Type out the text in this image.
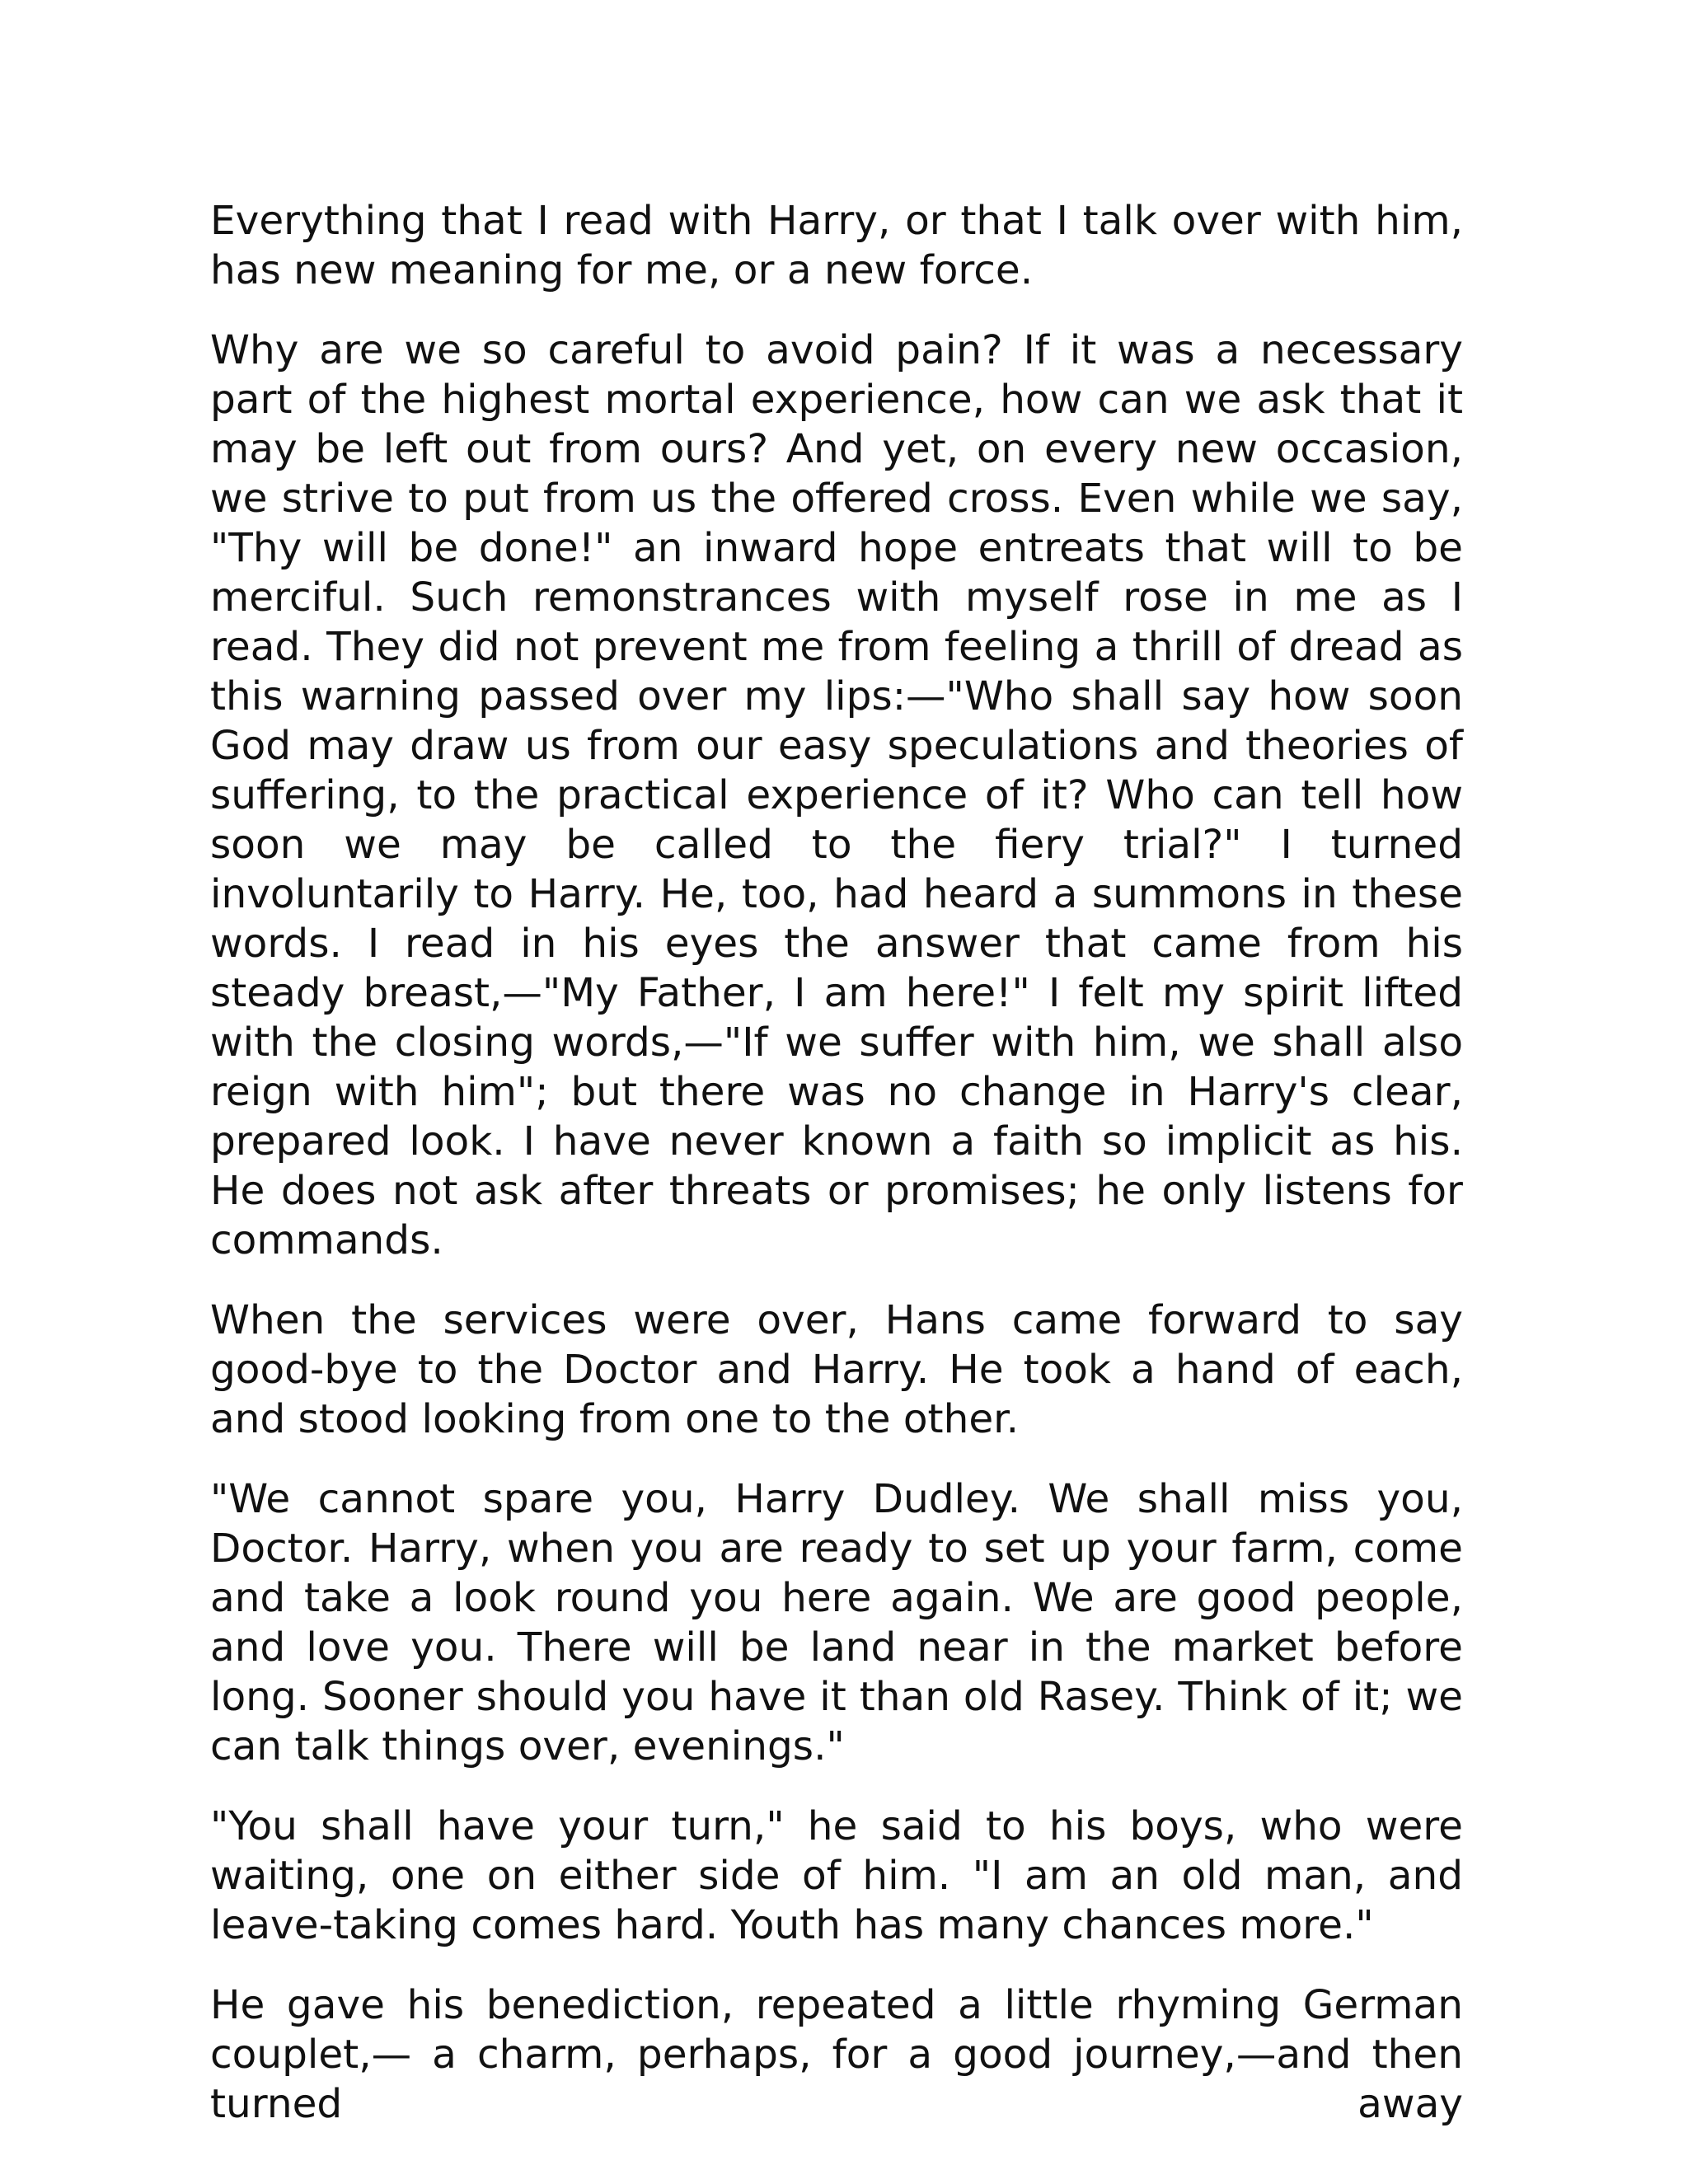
Everything that I read with Harry, or that I talk over with him, has new meaning for me, or a new force.

Why are we so careful to avoid pain? If it was a necessary part of the highest mortal experience, how can we ask that it may be left out from ours? And yet, on every new occasion, we strive to put from us the offered cross. Even while we say, "Thy will be done!" an inward hope entreats that will to be merciful. Such remonstrances with myself rose in me as I read. They did not prevent me from feeling a thrill of dread as this warning passed over my lips:—"Who shall say how soon God may draw us from our easy speculations and theories of suffering, to the practical experience of it? Who can tell how soon we may be called to the fiery trial?" I turned involuntarily to Harry. He, too, had heard a summons in these words. I read in his eyes the answer that came from his steady breast,—"My Father, I am here!" I felt my spirit lifted with the closing words,—"If we suffer with him, we shall also reign with him"; but there was no change in Harry's clear, prepared look. I have never known a faith so implicit as his. He does not ask after threats or promises; he only listens for commands.

When the services were over, Hans came forward to say good-bye to the Doctor and Harry. He took a hand of each, and stood looking from one to the other.

"We cannot spare you, Harry Dudley. We shall miss you, Doctor. Harry, when you are ready to set up your farm, come and take a look round you here again. We are good people, and love you. There will be land near in the market before long. Sooner should you have it than old Rasey. Think of it; we can talk things over, evenings."

"You shall have your turn," he said to his boys, who were waiting, one on either side of him. "I am an old man, and leave-taking comes hard. Youth has many chances more."

He gave his benediction, repeated a little rhyming German couplet,— a charm, perhaps, for a good journey,—and then turned away
